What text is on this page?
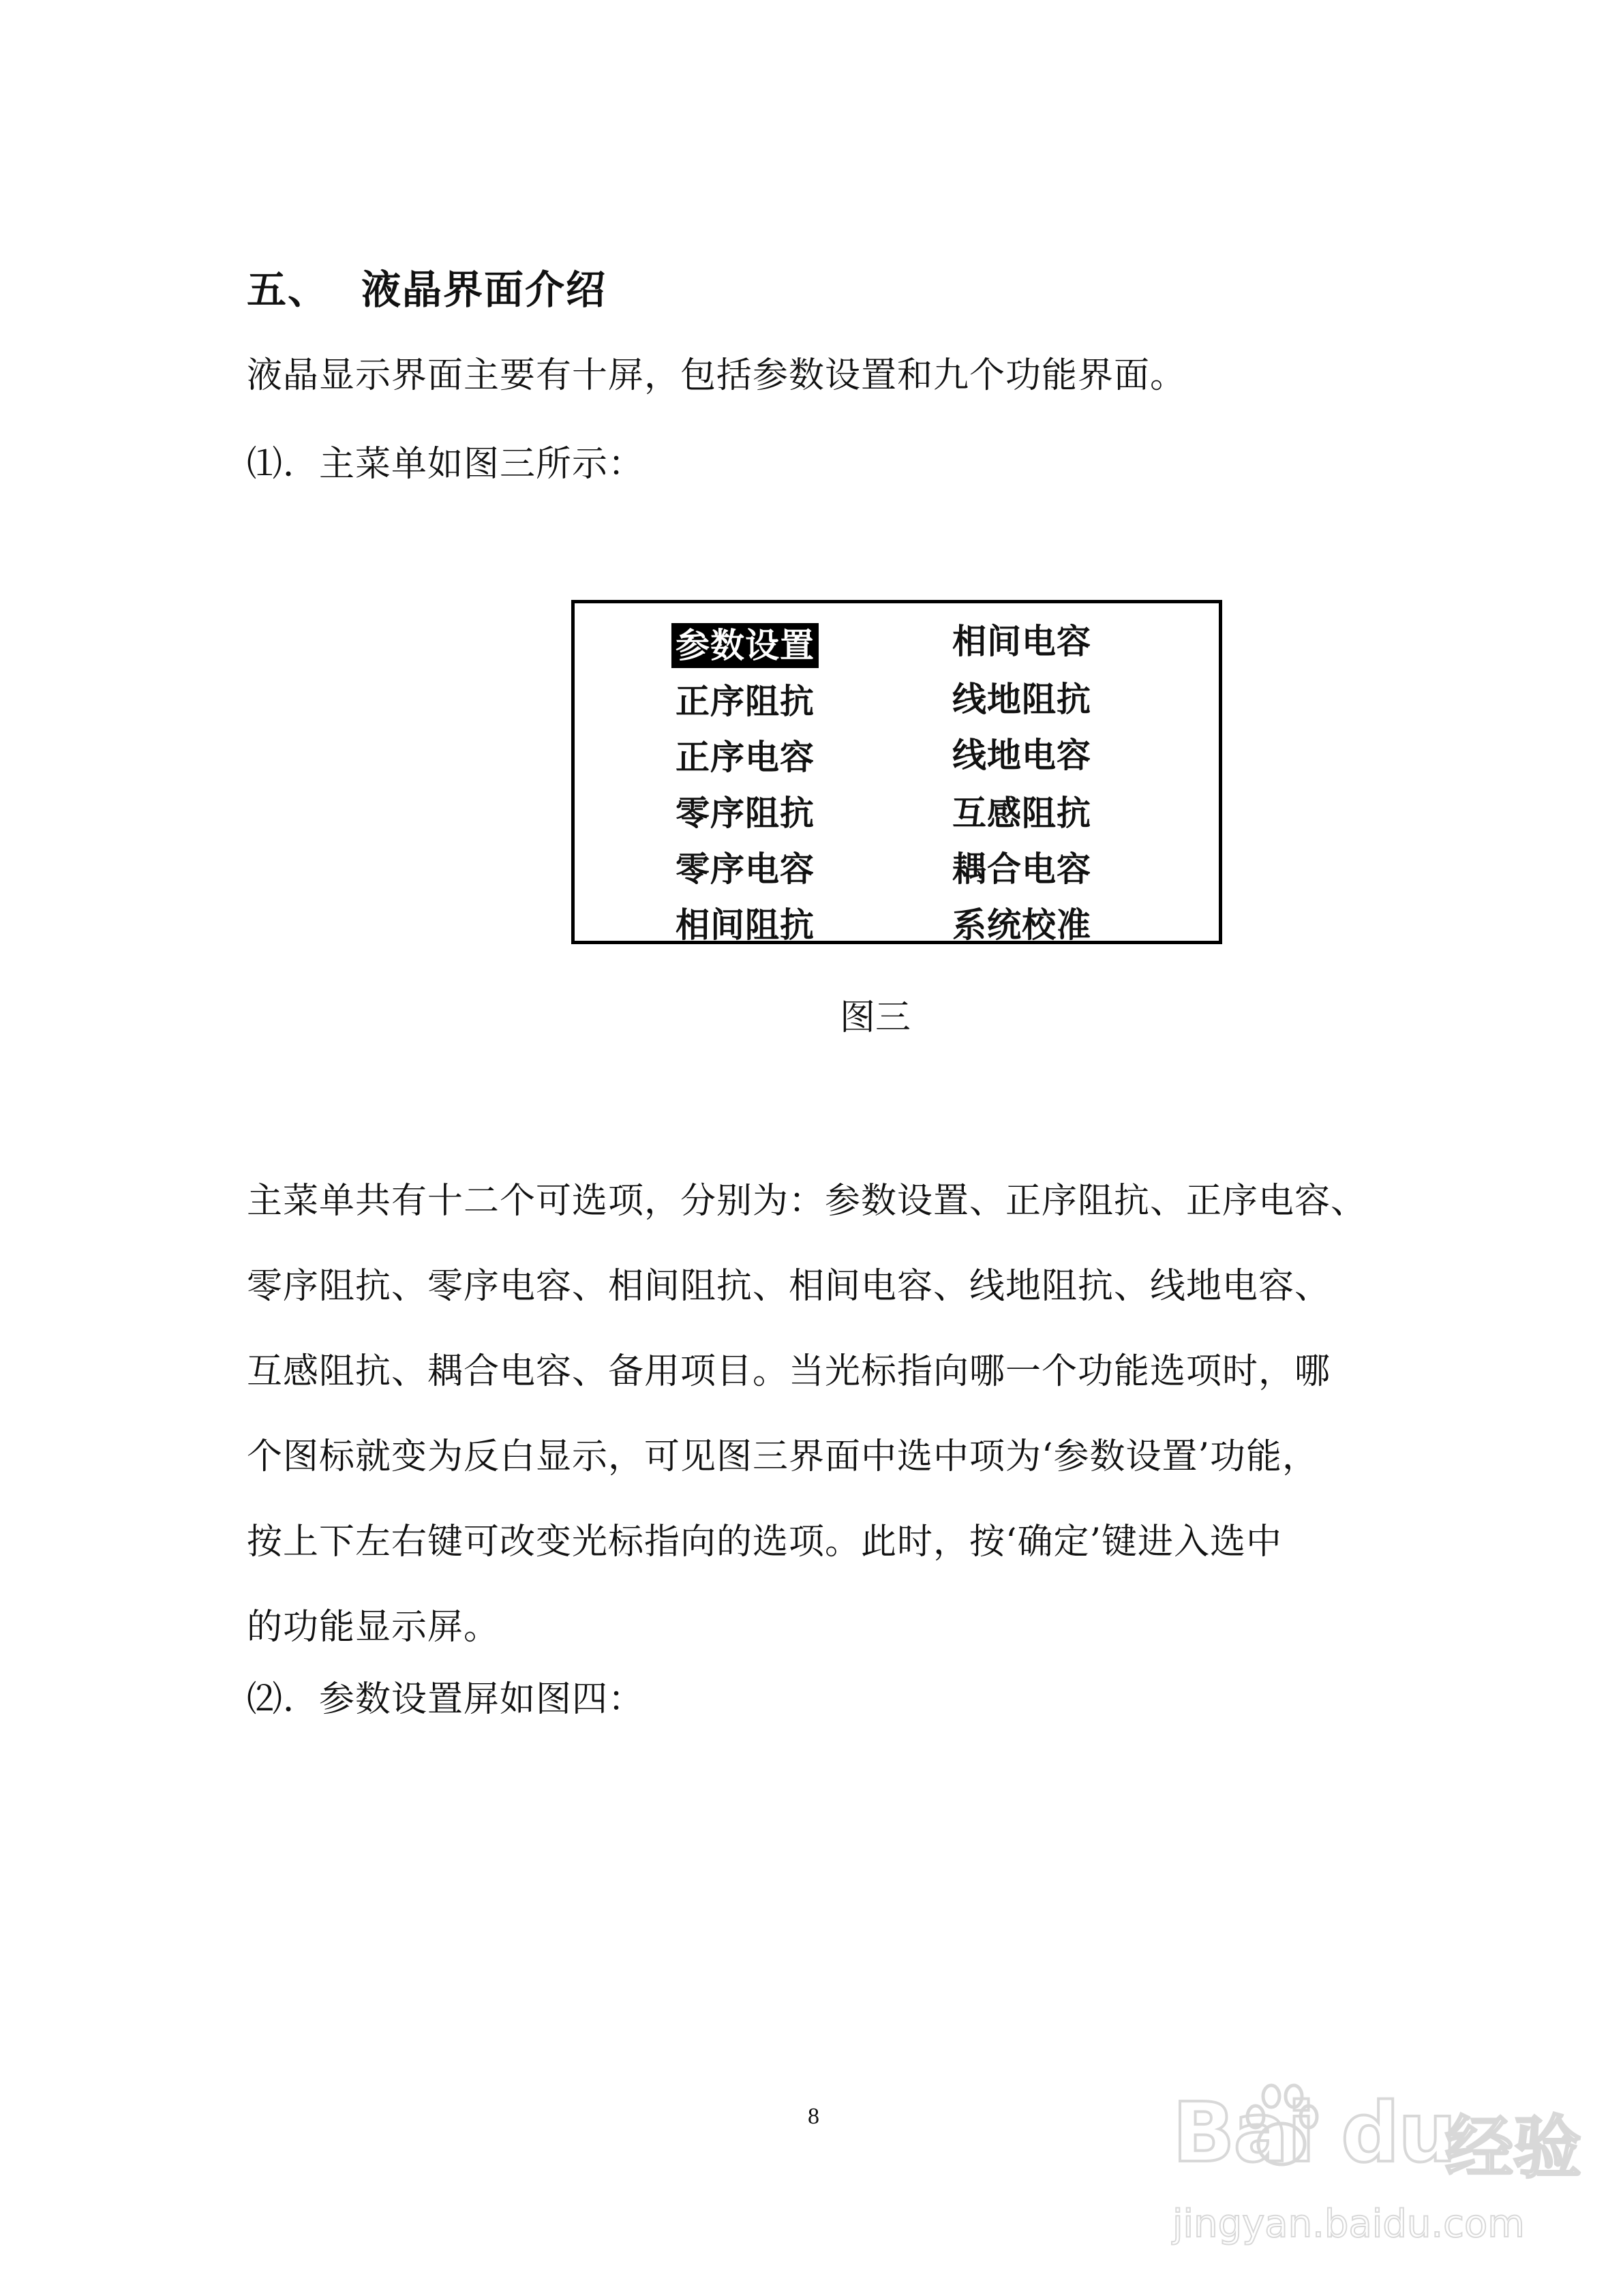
五、 液晶界面介绍
液晶显示界面主要有十屏，包括参数设置和九个功能界面。
⑴．主菜单如图三所示：
参数设置
正序阻抗
正序电容
零序阻抗
零序电容
相间阻抗
相间电容
线地阻抗
线地电容
互感阻抗
耦合电容
系统校准
图三
主菜单共有十二个可选项，分别为：参数设置、正序阻抗、正序电容、
零序阻抗、零序电容、相间阻抗、相间电容、线地阻抗、线地电容、
互感阻抗、耦合电容、备用项目。当光标指向哪一个功能选项时，哪
个图标就变为反白显示，可见图三界面中选中项为‘参数设置’功能，
按上下左右键可改变光标指向的选项。此时，按‘确定’键进入选中
的功能显示屏。
⑵．参数设置屏如图四：
8	Bai du
经验
jingyan.baidu.com
